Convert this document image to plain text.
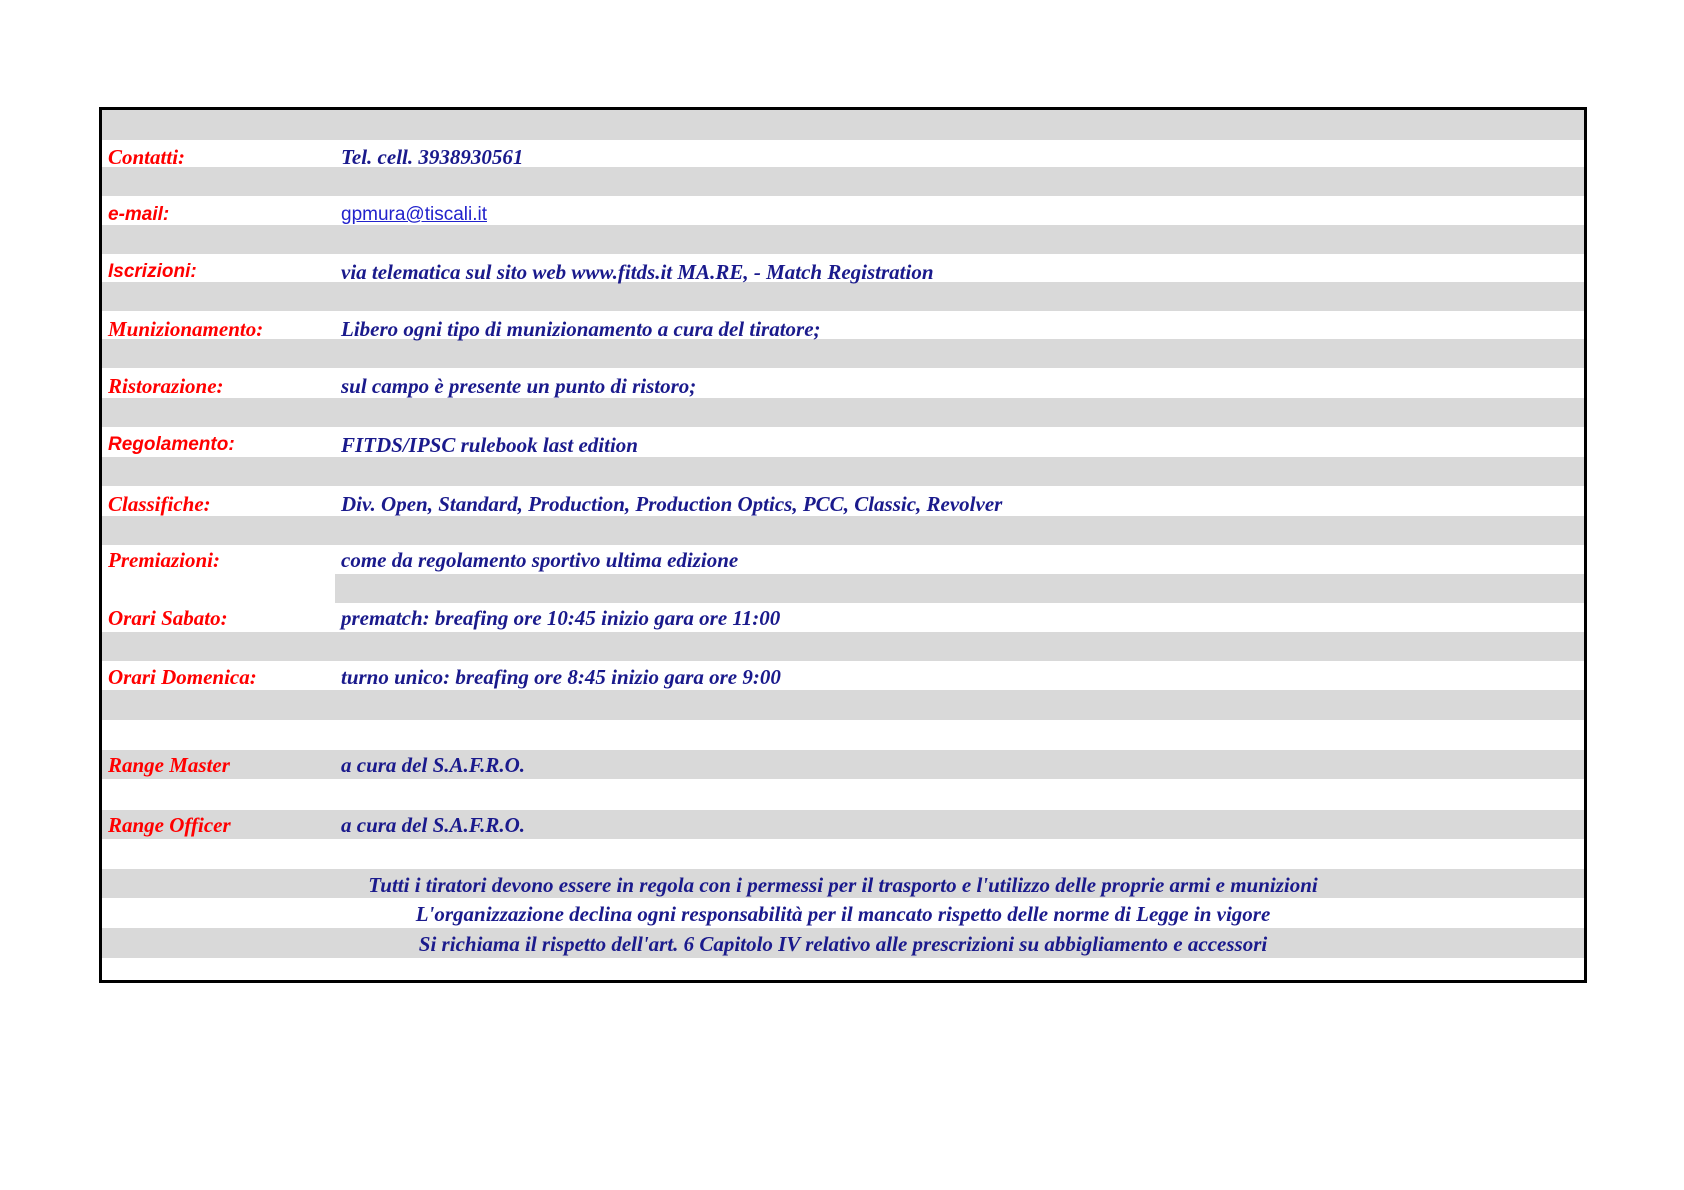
Contatti:	Tel. cell. 3938930561
e-mail:	gpmura@tiscali.it
Iscrizioni:	via telematica sul sito web www.fitds.it MA.RE, - Match Registration
Munizionamento:	Libero ogni tipo di munizionamento a cura del tiratore;
Ristorazione:	sul campo è presente un punto di ristoro;
Regolamento:	FITDS/IPSC rulebook last edition
Classifiche:	Div. Open, Standard, Production, Production Optics, PCC, Classic, Revolver
Premiazioni:	come da regolamento sportivo ultima edizione
Orari Sabato:	prematch: breafing ore 10:45 inizio gara ore 11:00
Orari Domenica:	turno unico: breafing ore 8:45 inizio gara ore 9:00
Range Master	a cura del S.A.F.R.O.
Range Officer	a cura del S.A.F.R.O.
Tutti i tiratori devono essere in regola con i permessi per il trasporto e l'utilizzo delle proprie armi e munizioni
L'organizzazione declina ogni responsabilità per il mancato rispetto delle norme di Legge in vigore
Si richiama il rispetto dell'art. 6 Capitolo IV relativo alle prescrizioni su abbigliamento e accessori
